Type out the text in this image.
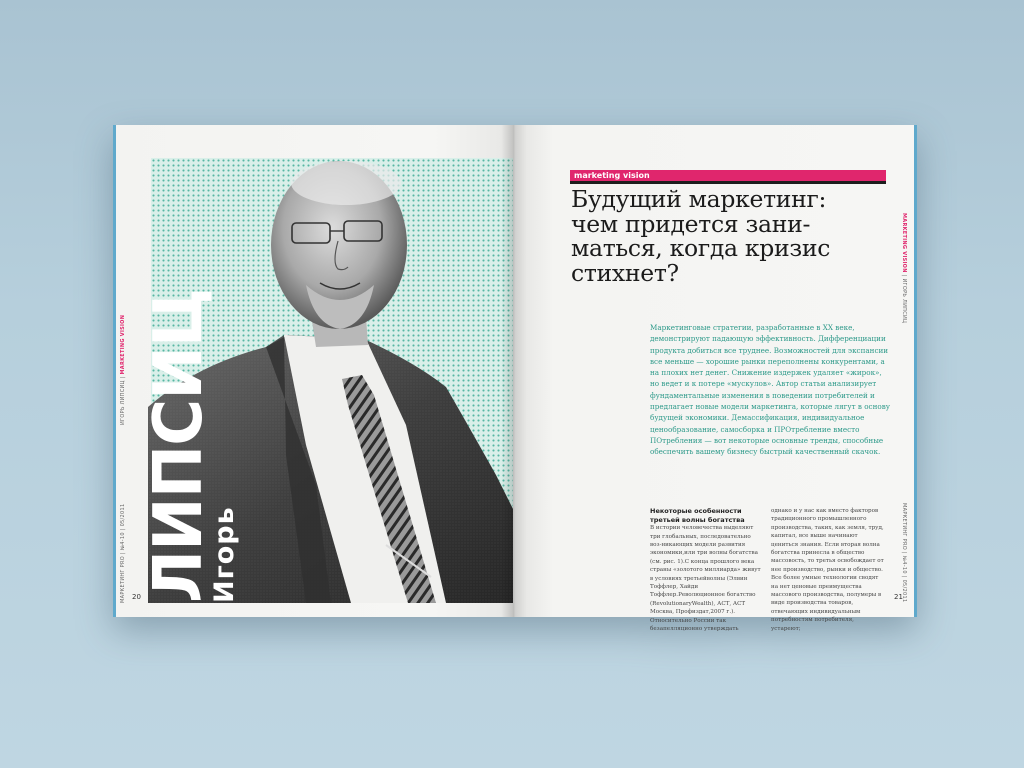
ИГОРЬ ЛИПСИЦ | MARKETING VISION
МАРКЕТИНГ PRO | №4-10 | 05/2011 ЛИПСИЦ
Игорь
20
marketing vision
Будущий маркетинг:
чем придется зани-
маться, когда кризис
стихнет?

Маркетинговые стратегии, разработанные в XX веке, демонстрируют падающую эффективность. Дифференциации продукта добиться все труднее. Возможностей для экспансии все меньше — хорошие рынки переполнены конкурентами, а на плохих нет денег. Снижение издержек удаляет «жирок», но ведет и к потере «мускулов». Автор статьи анализирует фундаментальные изменения в поведении потребителей и предлагает новые модели маркетинга, которые лягут в основу будущей экономики. Демассификация, индивидуальное ценообразование, самосборка и ПРОтребление вместо ПОтребления — вот некоторые основные тренды, способные обеспечить вашему бизнесу быстрый качественный скачок.

Некоторые особенности третьей волны богатства
В истории человечества выделяют три глобальных, последовательно воз-никающих модели развития экономики,или три волны богатства (см. рис. 1).С конца прошлого века страны «золотого миллиарда» живут в условиях третьейволны (Элвин Тоффлер, Хайди Тоффлер.Революционное богатство (RevolutionaryWealth), АСТ, АСТ Москва, Профиздат,2007 г.). Относительно России так безапелляционно утверждать
однако и у нас как вместо факторов традиционного промышленного производства, таких, как земля, труд, капитал, все выше начинают цениться знания. Если вторая волна богатства принесла в общество массовость, то третья освобождает от нее производство, рынки и общество. Все более умные технологии сводят на нет ценовые преимущества массового производства, полумеры в виде производства товаров, отвечающих индивидуальным потребностям потребителя, устареют;
MARKETING VISION | ИГОРЬ ЛИПСИЦ
МАРКЕТИНГ PRO | №4-10 | 05/2011
21
